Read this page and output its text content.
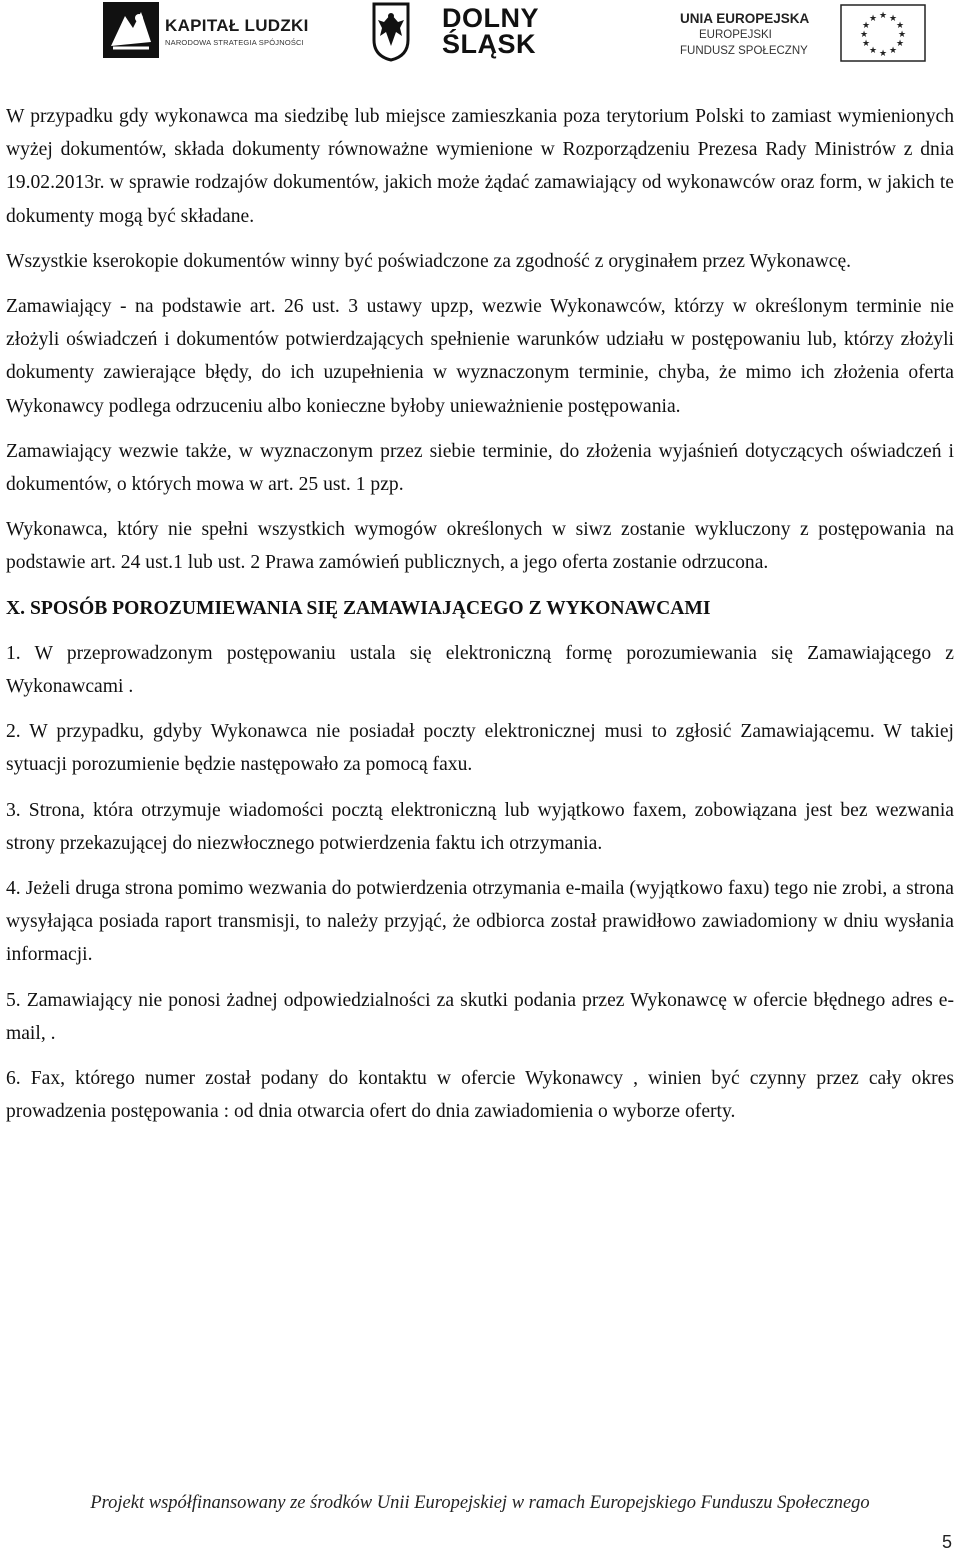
KAPITAŁ LUDZKI
NARODOWA STRATEGIA SPÓJNOŚCI
DOLNY
ŚLĄSK
UNIA EUROPEJSKA
EUROPEJSKI
FUNDUSZ SPOŁECZNY
★ ★
★
★
★
★
★
★
★
★
★
★

W przypadku gdy wykonawca ma siedzibę lub miejsce zamieszkania poza terytorium Polski to zamiast wymienionych wyżej dokumentów, składa dokumenty równoważne wymienione w Rozporządzeniu Prezesa Rady Ministrów z dnia 19.02.2013r. w sprawie rodzajów dokumentów, jakich może żądać zamawiający od wykonawców oraz form, w jakich te dokumenty mogą być składane.

Wszystkie kserokopie dokumentów winny być poświadczone za zgodność z oryginałem przez Wykonawcę.

Zamawiający - na podstawie art. 26 ust. 3 ustawy upzp, wezwie Wykonawców, którzy w określonym terminie nie złożyli oświadczeń i dokumentów potwierdzających spełnienie warunków udziału w postępowaniu lub, którzy złożyli dokumenty zawierające błędy, do ich uzupełnienia w wyznaczonym terminie, chyba, że mimo ich złożenia oferta Wykonawcy podlega odrzuceniu albo konieczne byłoby unieważnienie postępowania.

Zamawiający wezwie także, w wyznaczonym przez siebie terminie, do złożenia wyjaśnień dotyczących oświadczeń i dokumentów, o których mowa w art. 25 ust. 1 pzp.

Wykonawca, który nie spełni wszystkich wymogów określonych w siwz zostanie wykluczony z postępowania na podstawie art. 24 ust.1 lub ust. 2 Prawa zamówień publicznych, a jego oferta zostanie odrzucona.

X. SPOSÓB POROZUMIEWANIA SIĘ ZAMAWIAJĄCEGO Z WYKONAWCAMI

1. W przeprowadzonym postępowaniu ustala się elektroniczną formę porozumiewania się Zamawiającego z Wykonawcami .

2. W przypadku, gdyby Wykonawca nie posiadał poczty elektronicznej musi to zgłosić Zamawiającemu. W takiej sytuacji porozumienie będzie następowało za pomocą faxu.

3. Strona, która otrzymuje wiadomości pocztą elektroniczną lub wyjątkowo faxem, zobowiązana jest bez wezwania strony przekazującej do niezwłocznego potwierdzenia faktu ich otrzymania.

4. Jeżeli druga strona pomimo wezwania do potwierdzenia otrzymania e-maila (wyjątkowo faxu) tego nie zrobi, a strona wysyłająca posiada raport transmisji, to należy przyjąć, że odbiorca został prawidłowo zawiadomiony w dniu wysłania informacji.

5. Zamawiający nie ponosi żadnej odpowiedzialności za skutki podania przez Wykonawcę w ofercie błędnego adres e-mail, .

6. Fax, którego numer został podany do kontaktu w ofercie Wykonawcy , winien być czynny przez cały okres prowadzenia postępowania : od dnia otwarcia ofert do dnia zawiadomienia o wyborze oferty.

Projekt współfinansowany ze środków Unii Europejskiej w ramach Europejskiego Funduszu Społecznego
5
